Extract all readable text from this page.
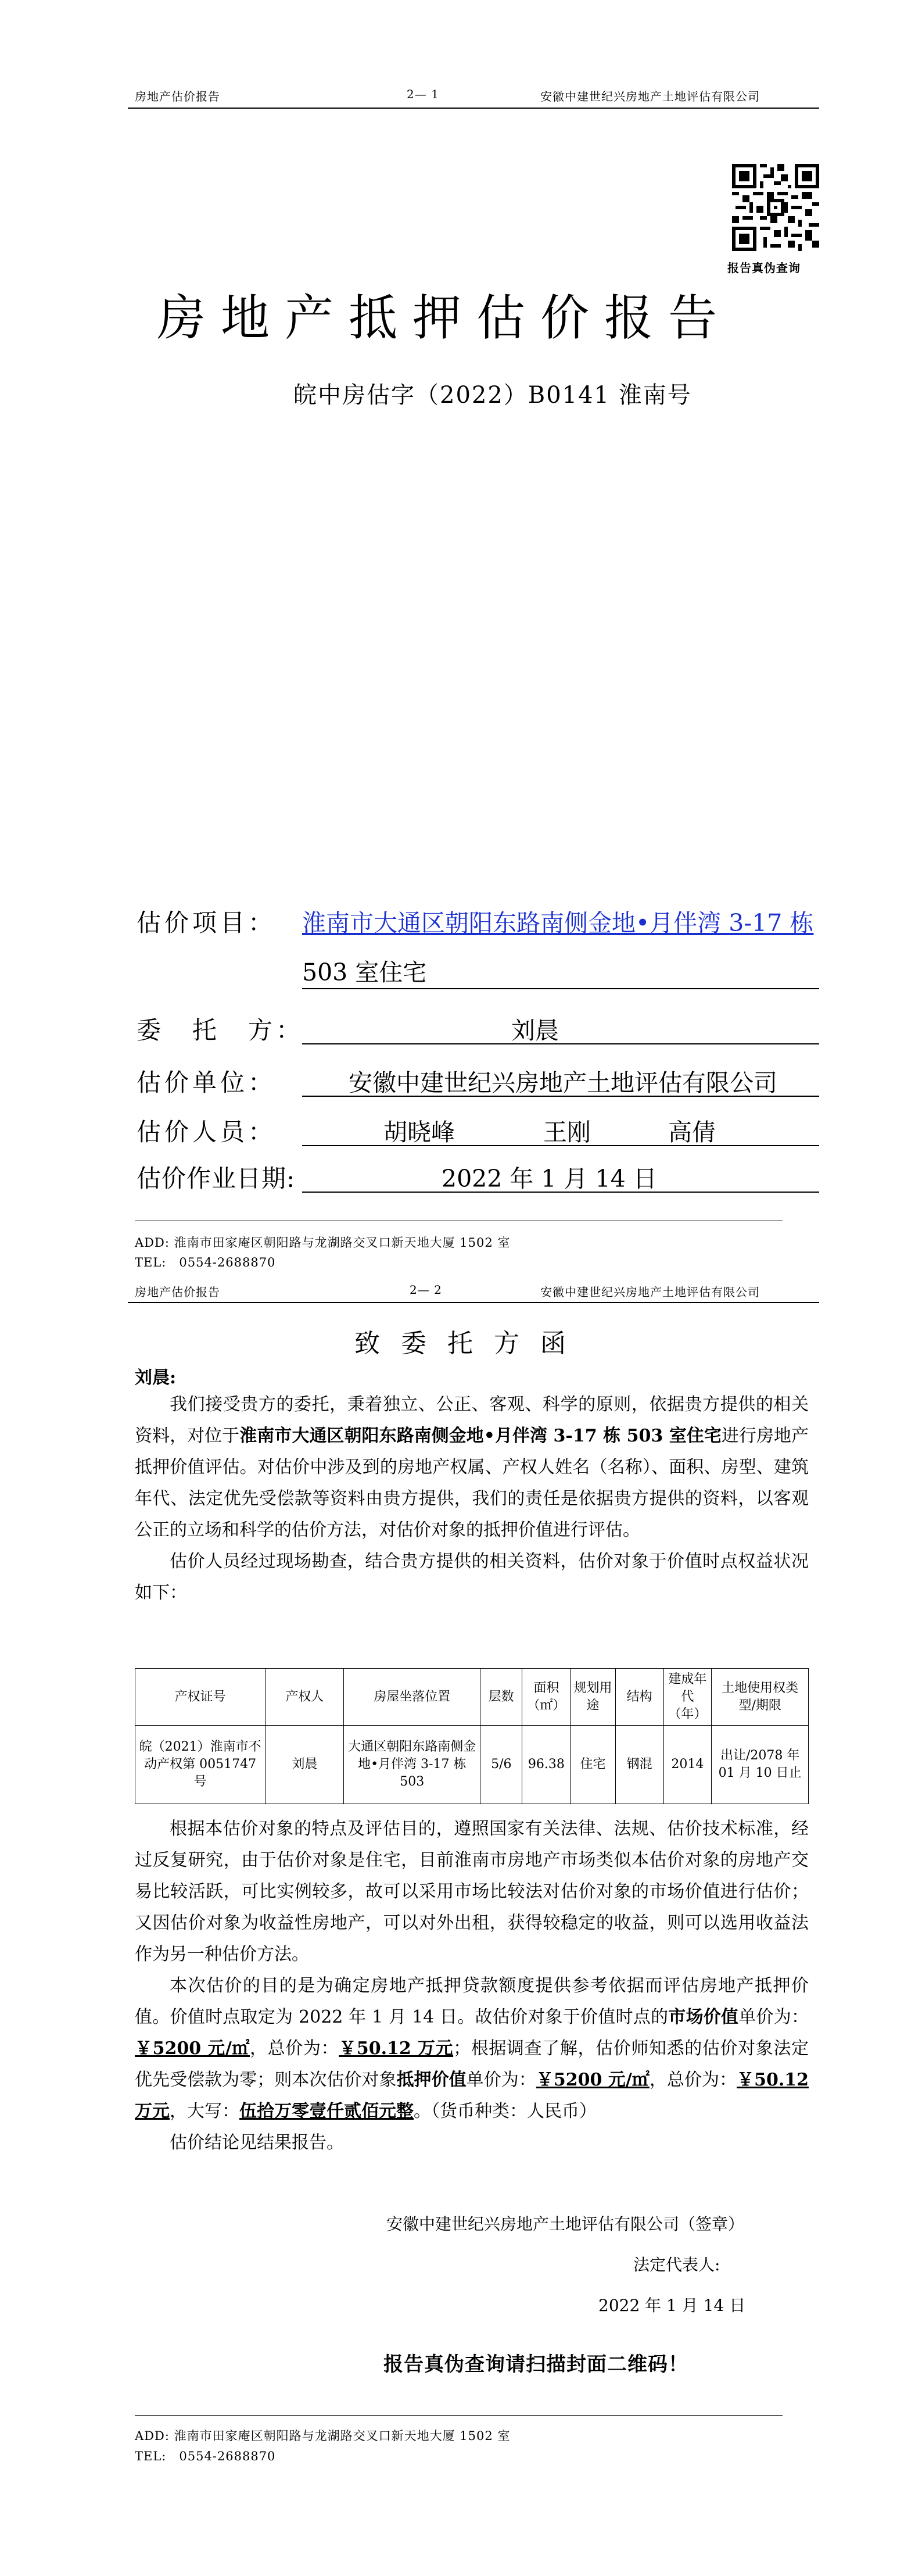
房地产估价报告	2— 1	安徽中建世纪兴房地产土地评估有限公司
报告真伪查询
房地产抵押估价报告
皖中房估字（2022）B0141 淮南号
估价项目： 淮南市大通区朝阳东路南侧金地•月伴湾 3-17 栋
503 室住宅
委　托　方：	刘晨
估价单位：	安徽中建世纪兴房地产土地评估有限公司
估价人员：	胡晓峰	王刚	高倩
估价作业日期:	2022 年 1 月 14 日
ADD: 淮南市田家庵区朝阳路与龙湖路交叉口新天地大厦 1502 室
TEL:　0554-2688870
房地产估价报告	2— 2	安徽中建世纪兴房地产土地评估有限公司
致委托方函
刘晨:

我们接受贵方的委托，秉着独立、公正、客观、科学的原则，依据贵方提供的相关资料，对位于淮南市大通区朝阳东路南侧金地•月伴湾 3-17 栋 503 室住宅进行房地产抵押价值评估。对估价中涉及到的房地产权属、产权人姓名（名称）、面积、房型、建筑年代、法定优先受偿款等资料由贵方提供，我们的责任是依据贵方提供的资料，以客观公正的立场和科学的估价方法，对估价对象的抵押价值进行评估。

估价人员经过现场勘查，结合贵方提供的相关资料，估价对象于价值时点权益状况如下：

产权证号	产权人	房屋坐落位置	层数	面积（㎡）	规划用途	结构	建成年代（年）	土地使用权类型/期限
皖（2021）淮南市不动产权第 0051747 号	刘晨	大通区朝阳东路南侧金地•月伴湾 3-17 栋 503	5/6	96.38	住宅	钢混	2014	出让/2078 年 01 月 10 日止

根据本估价对象的特点及评估目的，遵照国家有关法律、法规、估价技术标准，经过反复研究，由于估价对象是住宅，目前淮南市房地产市场类似本估价对象的房地产交易比较活跃，可比实例较多，故可以采用市场比较法对估价对象的市场价值进行估价；又因估价对象为收益性房地产，可以对外出租，获得较稳定的收益，则可以选用收益法作为另一种估价方法。

本次估价的目的是为确定房地产抵押贷款额度提供参考依据而评估房地产抵押价值。价值时点取定为 2022 年 1 月 14 日。故估价对象于价值时点的市场价值单价为：￥5200 元/㎡，总价为：￥50.12 万元；根据调查了解，估价师知悉的估价对象法定优先受偿款为零；则本次估价对象抵押价值单价为：￥5200 元/㎡，总价为：￥50.12 万元，大写：伍拾万零壹仟贰佰元整。（货币种类：人民币）

估价结论见结果报告。

安徽中建世纪兴房地产土地评估有限公司（签章）
法定代表人:
2022 年 1 月 14 日
报告真伪查询请扫描封面二维码！
ADD: 淮南市田家庵区朝阳路与龙湖路交叉口新天地大厦 1502 室
TEL:　0554-2688870
